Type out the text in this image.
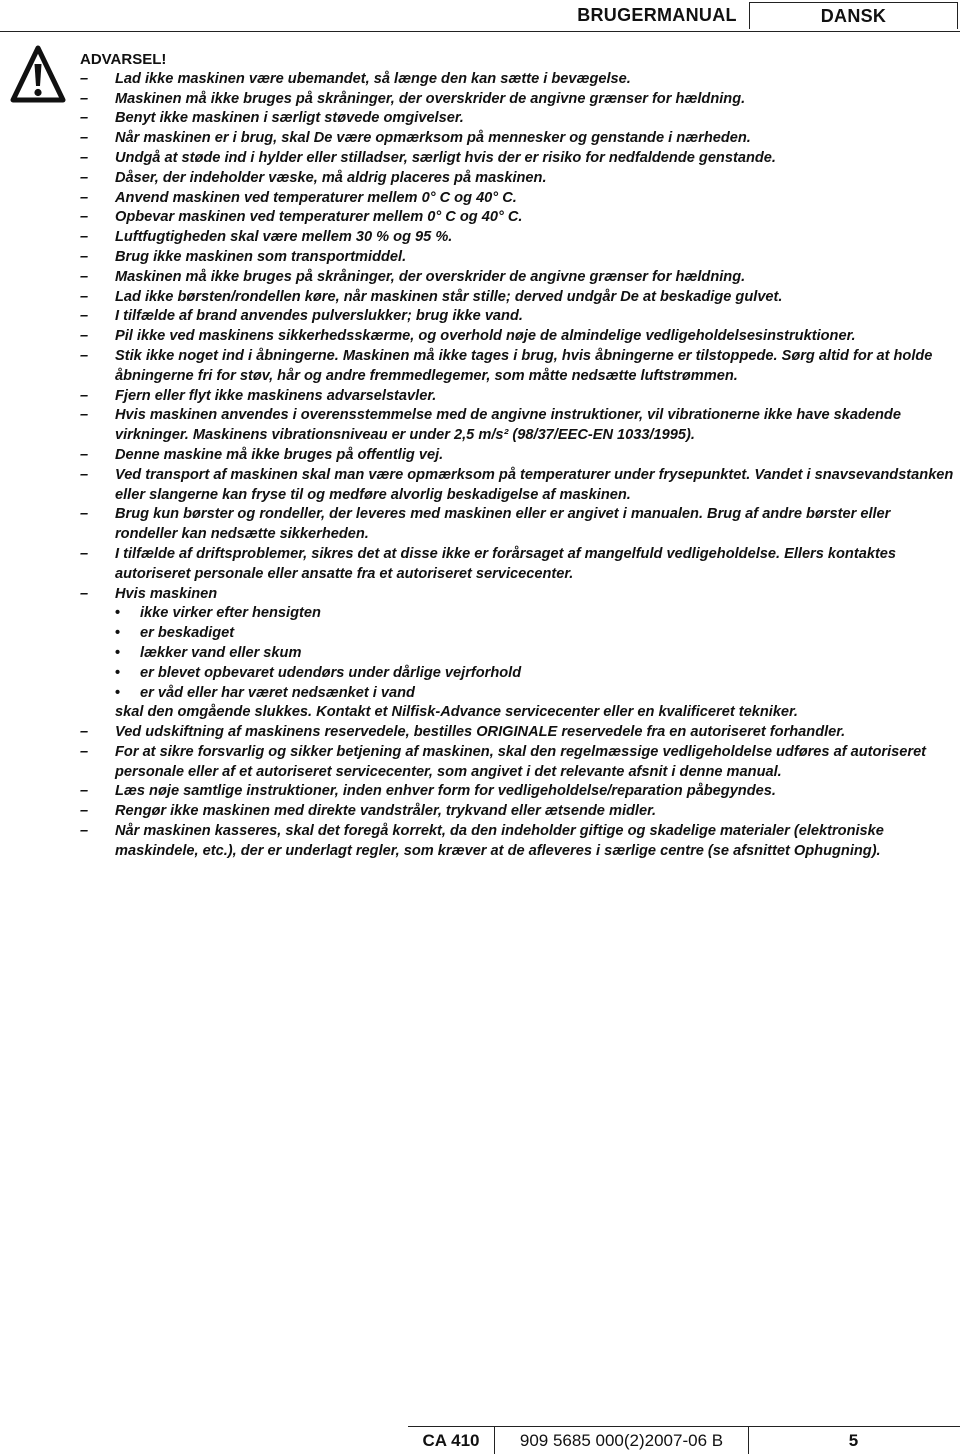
BRUGERMANUAL	DANSK
ADVARSEL!
–	Lad ikke maskinen være ubemandet, så længe den kan sætte i bevægelse.
–	Maskinen må ikke bruges på skråninger, der overskrider de angivne grænser for hældning.
–	Benyt ikke maskinen i særligt støvede omgivelser.
–	Når maskinen er i brug, skal De være opmærksom på mennesker og genstande i nærheden.
–	Undgå at støde ind i hylder eller stilladser, særligt hvis der er risiko for nedfaldende genstande.
–	Dåser, der indeholder væske, må aldrig placeres på maskinen.
–	Anvend maskinen ved temperaturer mellem 0° C og 40° C.
–	Opbevar maskinen ved temperaturer mellem 0° C og 40° C.
–	Luftfugtigheden skal være mellem 30 % og 95 %.
–	Brug ikke maskinen som transportmiddel.
–	Maskinen må ikke bruges på skråninger, der overskrider de angivne grænser for hældning.
–	Lad ikke børsten/rondellen køre, når maskinen står stille; derved undgår De at beskadige gulvet.
–	I tilfælde af brand anvendes pulverslukker; brug ikke vand.
–	Pil ikke ved maskinens sikkerhedsskærme, og overhold nøje de almindelige vedligeholdelsesinstruktioner.
–	Stik ikke noget ind i åbningerne. Maskinen må ikke tages i brug, hvis åbningerne er tilstoppede. Sørg altid for at holde åbningerne fri for støv, hår og andre fremmedlegemer, som måtte nedsætte luftstrømmen.
–	Fjern eller flyt ikke maskinens advarselstavler.
–	Hvis maskinen anvendes i overensstemmelse med de angivne instruktioner, vil vibrationerne ikke have skadende virkninger. Maskinens vibrationsniveau er under 2,5 m/s² (98/37/EEC-EN 1033/1995).
–	Denne maskine må ikke bruges på offentlig vej.
–	Ved transport af maskinen skal man være opmærksom på temperaturer under frysepunktet. Vandet i snavsevandstanken eller slangerne kan fryse til og medføre alvorlig beskadigelse af maskinen.
–	Brug kun børster og rondeller, der leveres med maskinen eller er angivet i manualen. Brug af andre børster eller rondeller kan nedsætte sikkerheden.
–	I tilfælde af driftsproblemer, sikres det at disse ikke er forårsaget af mangelfuld vedligeholdelse. Ellers kontaktes autoriseret personale eller ansatte fra et autoriseret servicecenter.
–	Hvis maskinen
• ikke virker efter hensigten
• er beskadiget
• lækker vand eller skum
• er blevet opbevaret udendørs under dårlige vejrforhold
• er våd eller har været nedsænket i vand
skal den omgående slukkes. Kontakt et Nilfisk-Advance servicecenter eller en kvalificeret tekniker.
–	Ved udskiftning af maskinens reservedele, bestilles ORIGINALE reservedele fra en autoriseret forhandler.
–	For at sikre forsvarlig og sikker betjening af maskinen, skal den regelmæssige vedligeholdelse udføres af autoriseret personale eller af et autoriseret servicecenter, som angivet i det relevante afsnit i denne manual.
–	Læs nøje samtlige instruktioner, inden enhver form for vedligeholdelse/reparation påbegyndes.
–	Rengør ikke maskinen med direkte vandstråler, trykvand eller ætsende midler.
–	Når maskinen kasseres, skal det foregå korrekt, da den indeholder giftige og skadelige materialer (elektroniske maskindele, etc.), der er underlagt regler, som kræver at de afleveres i særlige centre (se afsnittet Ophugning).
CA 410	909 5685 000(2)2007-06 B	5
